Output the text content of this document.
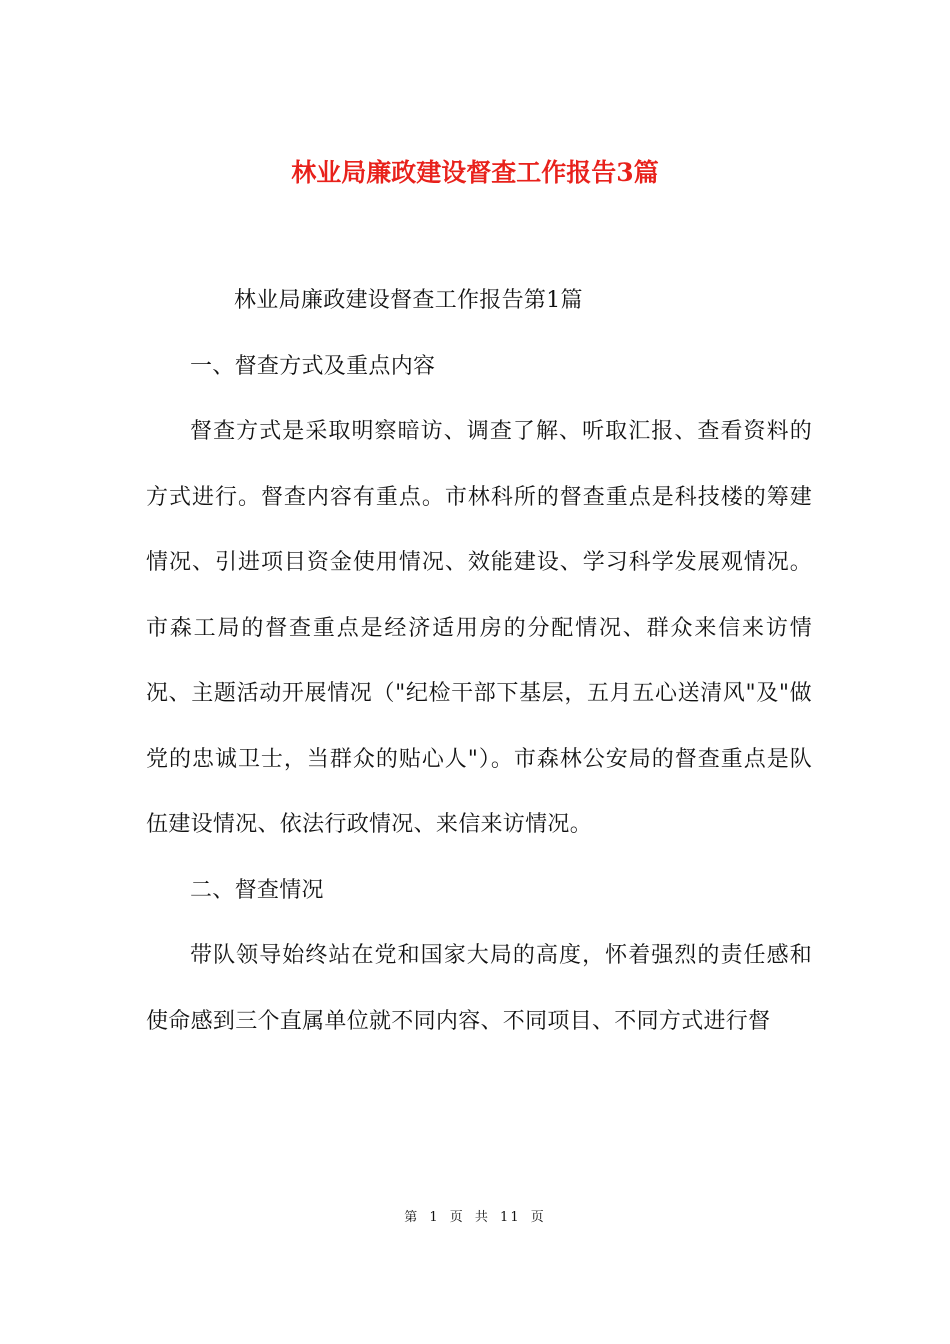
林业局廉政建设督查工作报告3篇

林业局廉政建设督查工作报告第1篇

一、督查方式及重点内容

督查方式是采取明察暗访、调查了解、听取汇报、查看资料的方式进行。督查内容有重点。市林科所的督查重点是科技楼的筹建情况、引进项目资金使用情况、效能建设、学习科学发展观情况。市森工局的督查重点是经济适用房的分配情况、群众来信来访情况、主题活动开展情况（"纪检干部下基层，五月五心送清风"及"做党的忠诚卫士，当群众的贴心人"）。市森林公安局的督查重点是队伍建设情况、依法行政情况、来信来访情况。

二、督查情况

带队领导始终站在党和国家大局的高度，怀着强烈的责任感和使命感到三个直属单位就不同内容、不同项目、不同方式进行督

第 1 页 共 11 页
